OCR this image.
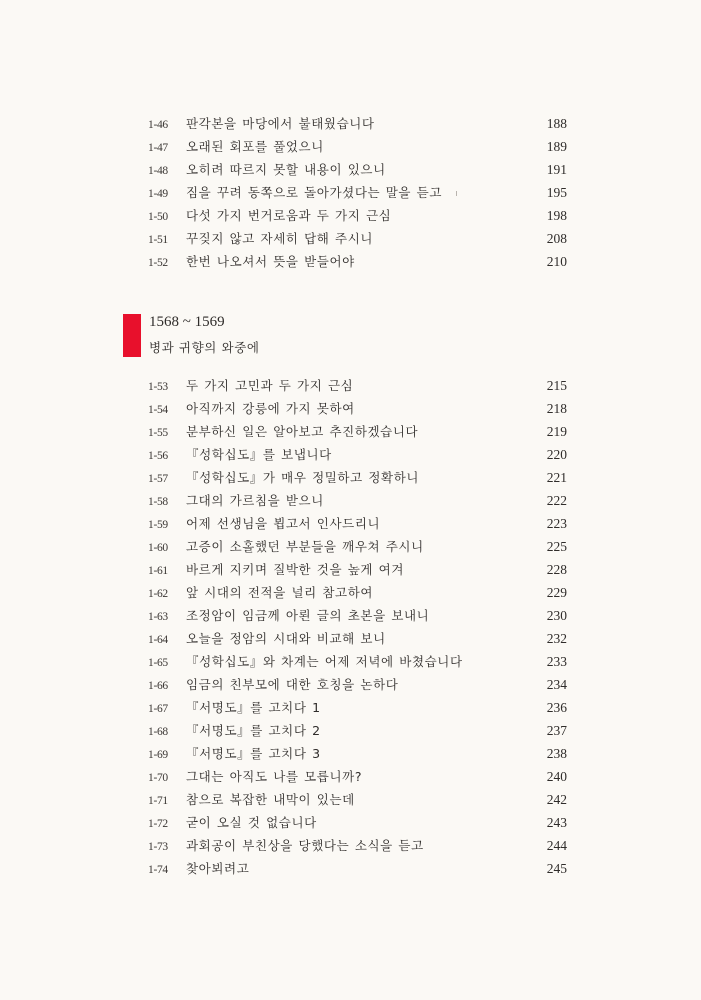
1-46 판각본을 마당에서 불태웠습니다	188
1-47 오래된 회포를 풀었으니	189
1-48 오히려 따르지 못할 내용이 있으니	191
1-49 짐을 꾸려 동쪽으로 돌아가셨다는 말을 듣고	195
1-50 다섯 가지 번거로움과 두 가지 근심	198
1-51 꾸짖지 않고 자세히 답해 주시니	208
1-52 한번 나오셔서 뜻을 받들어야	210
1568 ~ 1569
병과 귀향의 와중에
1-53 두 가지 고민과 두 가지 근심	215
1-54 아직까지 강릉에 가지 못하여	218
1-55 분부하신 일은 알아보고 추진하겠습니다	219
1-56 『성학십도』를 보냅니다	220
1-57 『성학십도』가 매우 정밀하고 정확하니	221
1-58 그대의 가르침을 받으니	222
1-59 어제 선생님을 뵙고서 인사드리니	223
1-60 고증이 소홀했던 부분들을 깨우쳐 주시니	225
1-61 바르게 지키며 질박한 것을 높게 여겨	228
1-62 앞 시대의 전적을 널리 참고하여	229
1-63 조정암이 임금께 아뢴 글의 초본을 보내니	230
1-64 오늘을 정암의 시대와 비교해 보니	232
1-65 『성학십도』와 차계는 어제 저녁에 바쳤습니다	233
1-66 임금의 친부모에 대한 호칭을 논하다	234
1-67 『서명도』를 고치다 1	236
1-68 『서명도』를 고치다 2	237
1-69 『서명도』를 고치다 3	238
1-70 그대는 아직도 나를 모릅니까?	240
1-71 참으로 복잡한 내막이 있는데	242
1-72 굳이 오실 것 없습니다	243
1-73 과회공이 부친상을 당했다는 소식을 듣고	244
1-74 찾아뵈려고	245
